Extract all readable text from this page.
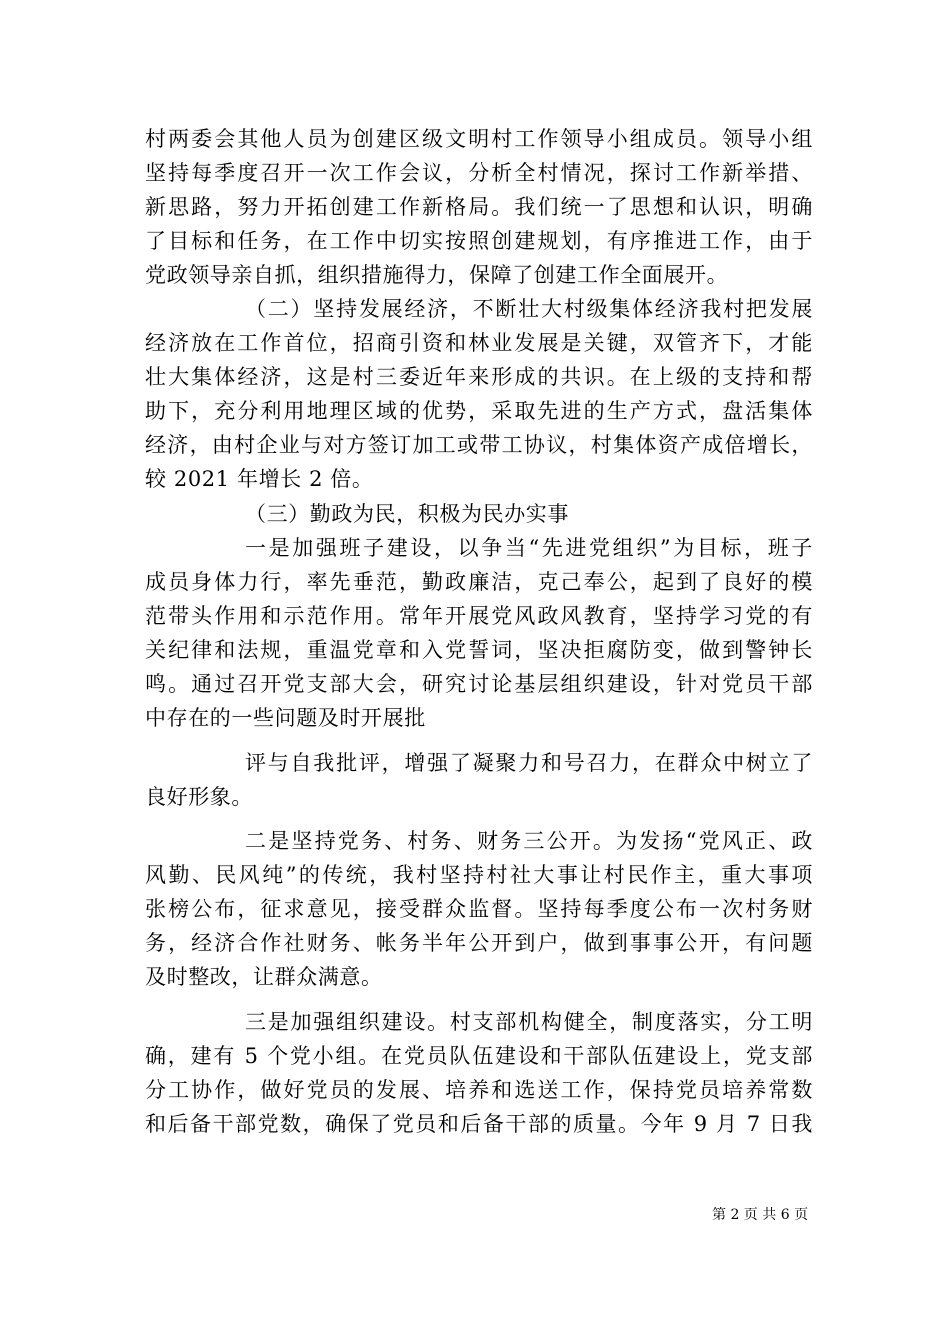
村两委会其他人员为创建区级文明村工作领导小组成员。领导小组
坚持每季度召开一次工作会议，分析全村情况，探讨工作新举措、
新思路，努力开拓创建工作新格局。我们统一了思想和认识，明确
了目标和任务，在工作中切实按照创建规划，有序推进工作，由于
党政领导亲自抓，组织措施得力，保障了创建工作全面展开。
（二）坚持发展经济，不断壮大村级集体经济我村把发展
经济放在工作首位，招商引资和林业发展是关键，双管齐下，才能
壮大集体经济，这是村三委近年来形成的共识。在上级的支持和帮
助下，充分利用地理区域的优势，采取先进的生产方式，盘活集体
经济，由村企业与对方签订加工或带工协议，村集体资产成倍增长，
较 2021 年增长 2 倍。
（三）勤政为民，积极为民办实事
一是加强班子建设，以争当“先进党组织”为目标，班子
成员身体力行，率先垂范，勤政廉洁，克己奉公，起到了良好的模
范带头作用和示范作用。常年开展党风政风教育，坚持学习党的有
关纪律和法规，重温党章和入党誓词，坚决拒腐防变，做到警钟长
鸣。通过召开党支部大会，研究讨论基层组织建设，针对党员干部
中存在的一些问题及时开展批
评与自我批评，增强了凝聚力和号召力，在群众中树立了
良好形象。
二是坚持党务、村务、财务三公开。为发扬“党风正、政
风勤、民风纯”的传统，我村坚持村社大事让村民作主，重大事项
张榜公布，征求意见，接受群众监督。坚持每季度公布一次村务财
务，经济合作社财务、帐务半年公开到户，做到事事公开，有问题
及时整改，让群众满意。
三是加强组织建设。村支部机构健全，制度落实，分工明
确，建有 5 个党小组。在党员队伍建设和干部队伍建设上，党支部
分工协作，做好党员的发展、培养和选送工作，保持党员培养常数
和后备干部党数，确保了党员和后备干部的质量。今年 9 月 7 日我
第 2 页 共 6 页
